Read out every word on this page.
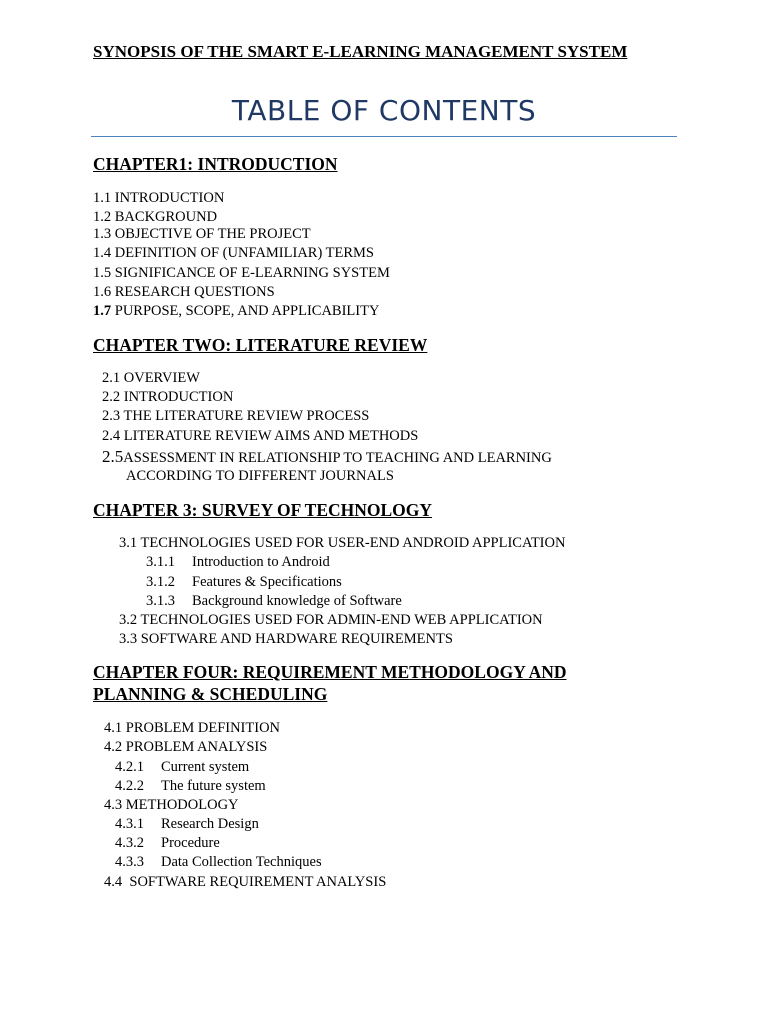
SYNOPSIS OF THE SMART E-LEARNING MANAGEMENT SYSTEM
TABLE OF CONTENTS
CHAPTER1: INTRODUCTION
1.1 INTRODUCTION
1.2 BACKGROUND
1.3 OBJECTIVE OF THE PROJECT
1.4 DEFINITION OF (UNFAMILIAR) TERMS
1.5 SIGNIFICANCE OF E-LEARNING SYSTEM
1.6 RESEARCH QUESTIONS
1.7 PURPOSE, SCOPE, AND APPLICABILITY
CHAPTER TWO: LITERATURE REVIEW
2.1 OVERVIEW
2.2 INTRODUCTION
2.3 THE LITERATURE REVIEW PROCESS
2.4 LITERATURE REVIEW AIMS AND METHODS
2.5ASSESSMENT IN RELATIONSHIP TO TEACHING AND LEARNING
ACCORDING TO DIFFERENT JOURNALS
CHAPTER 3: SURVEY OF TECHNOLOGY
3.1 TECHNOLOGIES USED FOR USER-END ANDROID APPLICATION
3.1.1 Introduction to Android
3.1.2 Features & Specifications
3.1.3 Background knowledge of Software
3.2 TECHNOLOGIES USED FOR ADMIN-END WEB APPLICATION
3.3 SOFTWARE AND HARDWARE REQUIREMENTS
CHAPTER FOUR: REQUIREMENT METHODOLOGY AND
PLANNING & SCHEDULING
4.1 PROBLEM DEFINITION
4.2 PROBLEM ANALYSIS
4.2.1 Current system
4.2.2 The future system
4.3 METHODOLOGY
4.3.1 Research Design
4.3.2 Procedure
4.3.3 Data Collection Techniques
4.4 SOFTWARE REQUIREMENT ANALYSIS
